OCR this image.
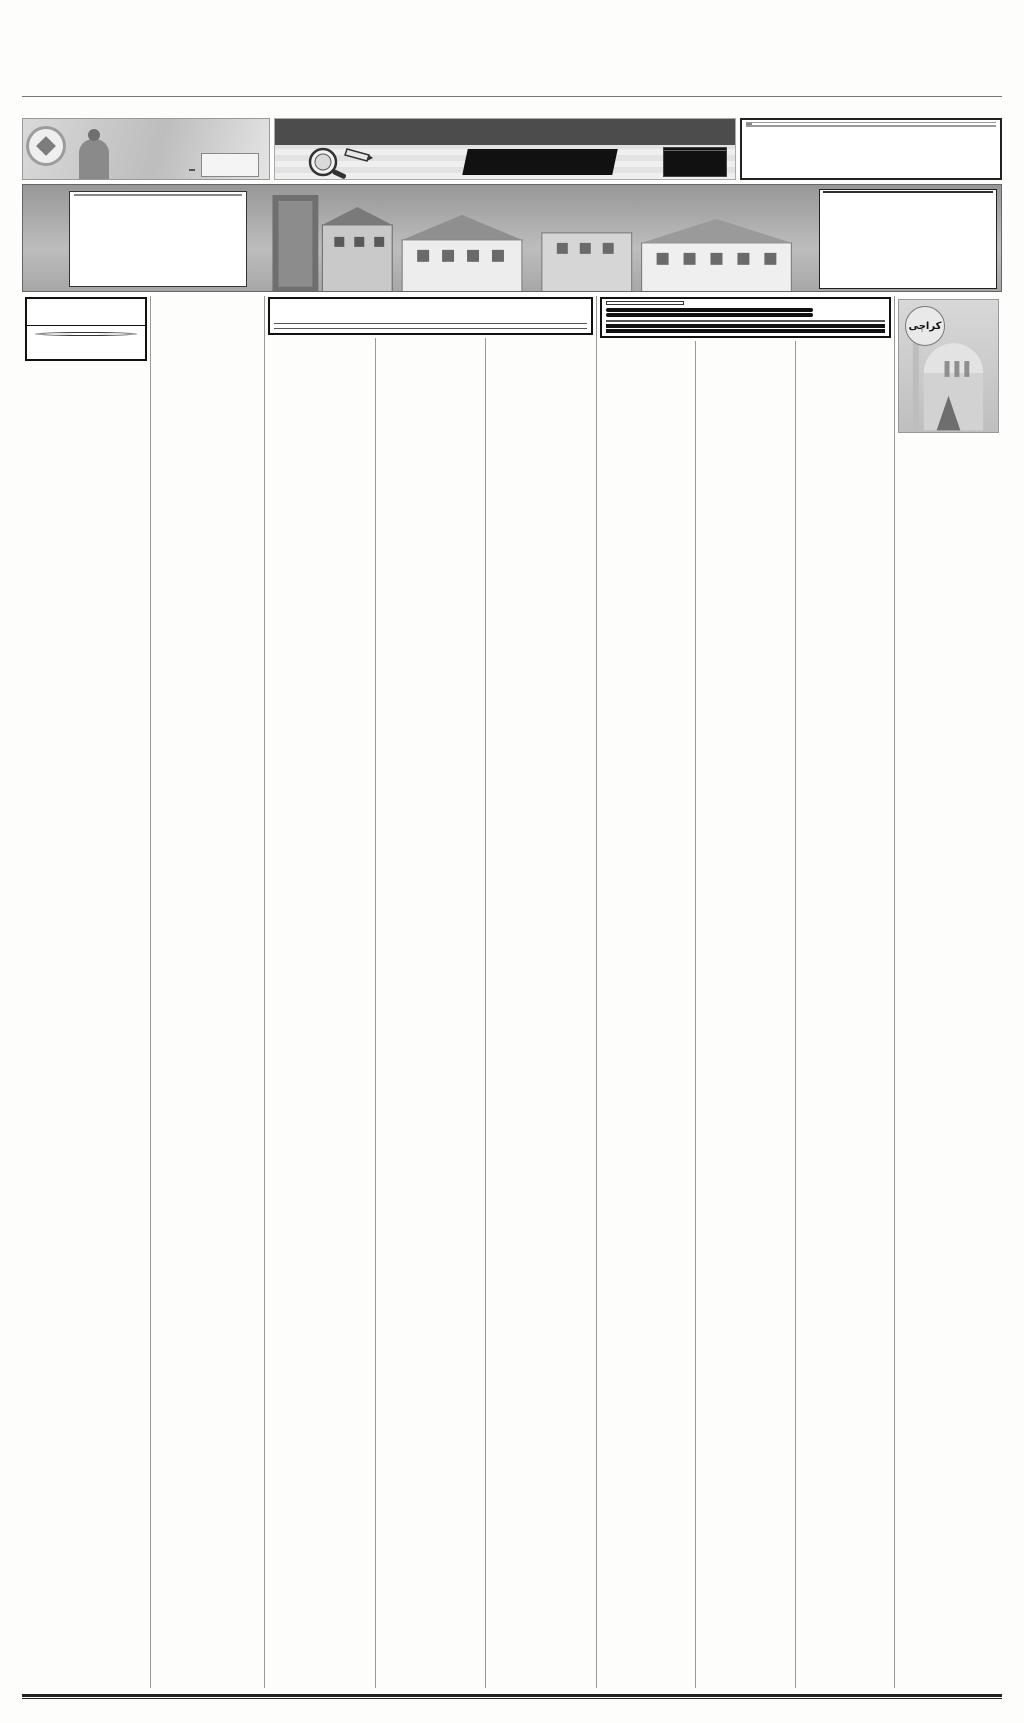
کراچی
